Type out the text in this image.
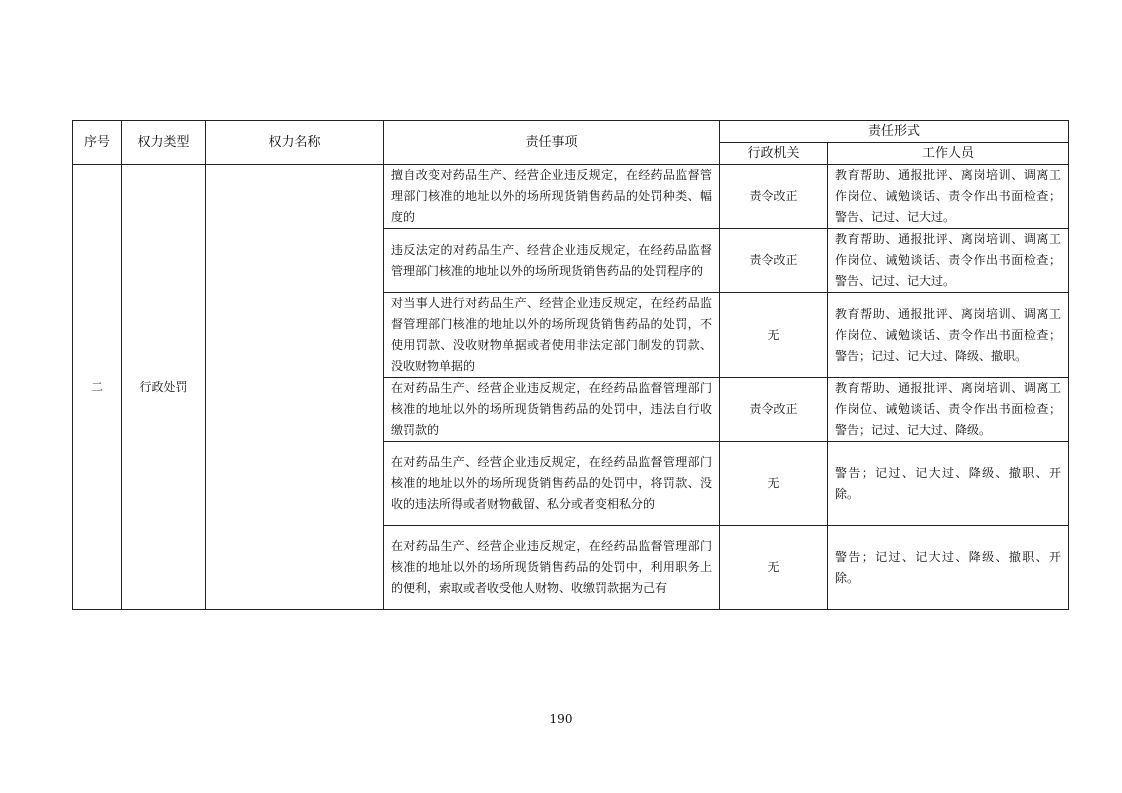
序号	权力类型	权力名称	责任事项	责任形式	
				行政机关	工作人员
二	行政处罚		擅自改变对药品生产、经营企业违反规定，在经药品监督管理部门核准的地址以外的场所现货销售药品的处罚种类、幅度的	责令改正	教育帮助、通报批评、离岗培训、调离工作岗位、诫勉谈话、责令作出书面检查；警告、记过、记大过。
			违反法定的对药品生产、经营企业违反规定，在经药品监督管理部门核准的地址以外的场所现货销售药品的处罚程序的	责令改正	教育帮助、通报批评、离岗培训、调离工作岗位、诫勉谈话、责令作出书面检查；警告、记过、记大过。
			对当事人进行对药品生产、经营企业违反规定，在经药品监督管理部门核准的地址以外的场所现货销售药品的处罚，不使用罚款、没收财物单据或者使用非法定部门制发的罚款、没收财物单据的	无	教育帮助、通报批评、离岗培训、调离工作岗位、诫勉谈话、责令作出书面检查；警告；记过、记大过、降级、撤职。
			在对药品生产、经营企业违反规定，在经药品监督管理部门核准的地址以外的场所现货销售药品的处罚中，违法自行收缴罚款的	责令改正	教育帮助、通报批评、离岗培训、调离工作岗位、诫勉谈话、责令作出书面检查；警告；记过、记大过、降级。
			在对药品生产、经营企业违反规定，在经药品监督管理部门核准的地址以外的场所现货销售药品的处罚中，将罚款、没收的违法所得或者财物截留、私分或者变相私分的	无	警告；记过、记大过、降级、撤职、开除。
			在对药品生产、经营企业违反规定，在经药品监督管理部门核准的地址以外的场所现货销售药品的处罚中，利用职务上的便利，索取或者收受他人财物、收缴罚款据为己有	无	警告；记过、记大过、降级、撤职、开除。
190
